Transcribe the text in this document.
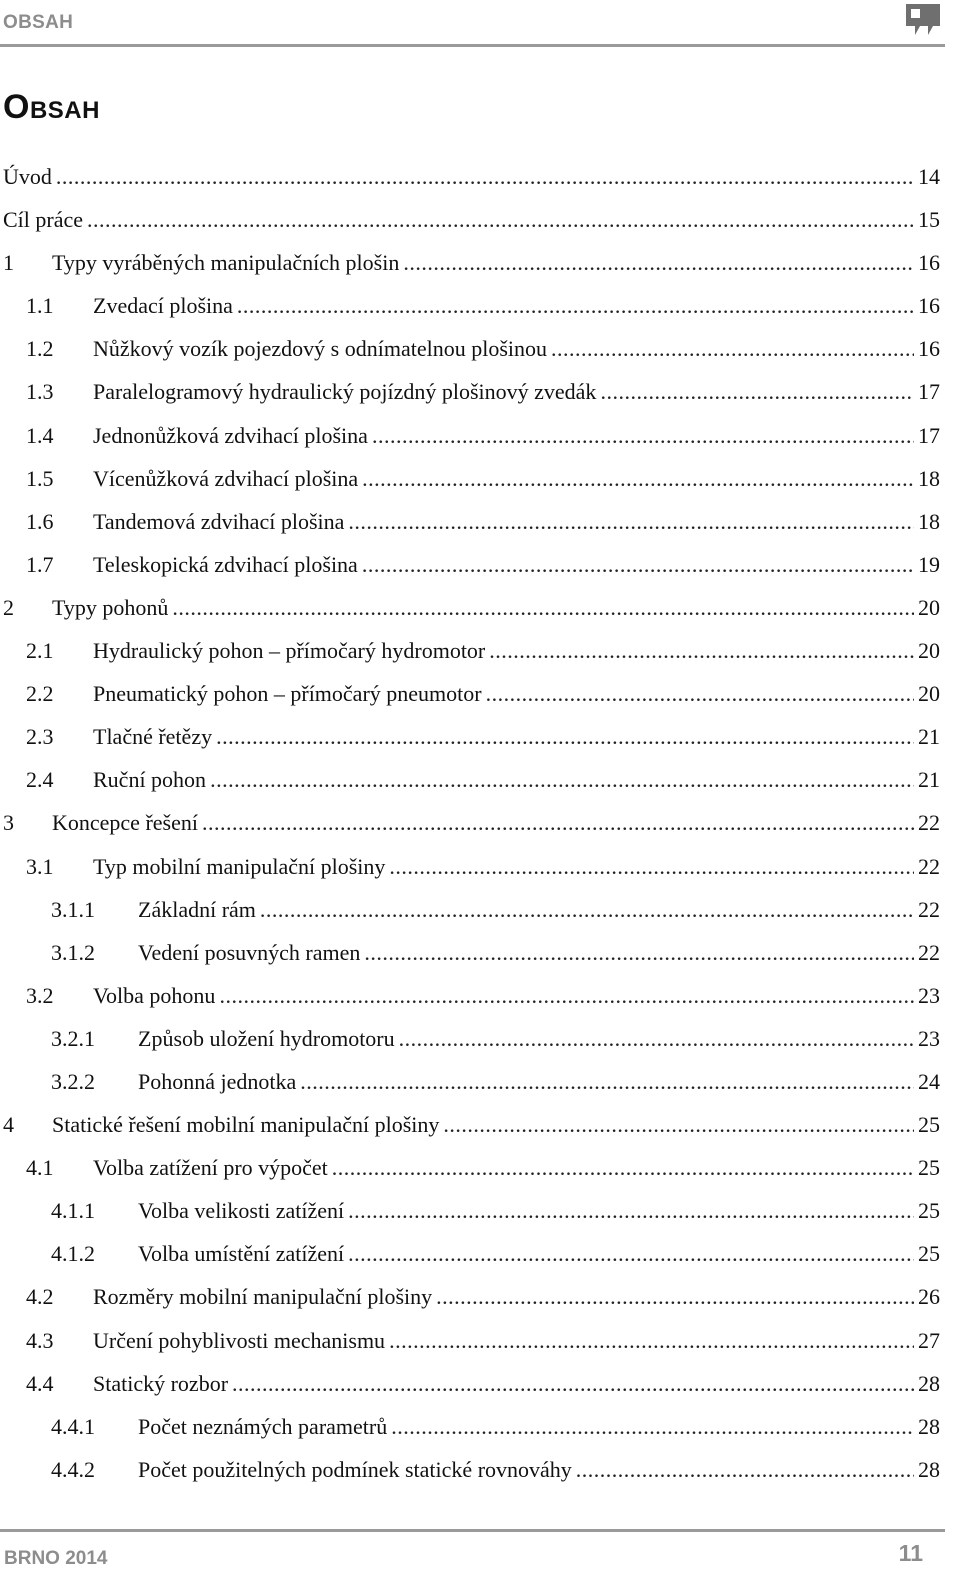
OBSAH
Obsah
Úvod .....	14
Cíl práce .....	15
1	Typy vyráběných manipulačních plošin .....	16
1.1	Zvedací plošina .....	16
1.2	Nůžkový vozík pojezdový s odnímatelnou plošinou .....	16
1.3	Paralelogramový hydraulický pojízdný plošinový zvedák .....	17
1.4	Jednonůžková zdvihací plošina .....	17
1.5	Vícenůžková zdvihací plošina .....	18
1.6	Tandemová zdvihací plošina .....	18
1.7	Teleskopická zdvihací plošina .....	19
2	Typy pohonů .....	20
2.1	Hydraulický pohon – přímočarý hydromotor .....	20
2.2	Pneumatický pohon – přímočarý pneumotor .....	20
2.3	Tlačné řetězy .....	21
2.4	Ruční pohon .....	21
3	Koncepce řešení .....	22
3.1	Typ mobilní manipulační plošiny .....	22
3.1.1	Základní rám .....	22
3.1.2	Vedení posuvných ramen .....	22
3.2	Volba pohonu .....	23
3.2.1	Způsob uložení hydromotoru .....	23
3.2.2	Pohonná jednotka .....	24
4	Statické řešení mobilní manipulační plošiny .....	25
4.1	Volba zatížení pro výpočet .....	25
4.1.1	Volba velikosti zatížení .....	25
4.1.2	Volba umístění zatížení .....	25
4.2	Rozměry mobilní manipulační plošiny .....	26
4.3	Určení pohyblivosti mechanismu .....	27
4.4	Statický rozbor .....	28
4.4.1	Počet neznámých parametrů .....	28
4.4.2	Počet použitelných podmínek statické rovnováhy .....	28
BRNO 2014	11
